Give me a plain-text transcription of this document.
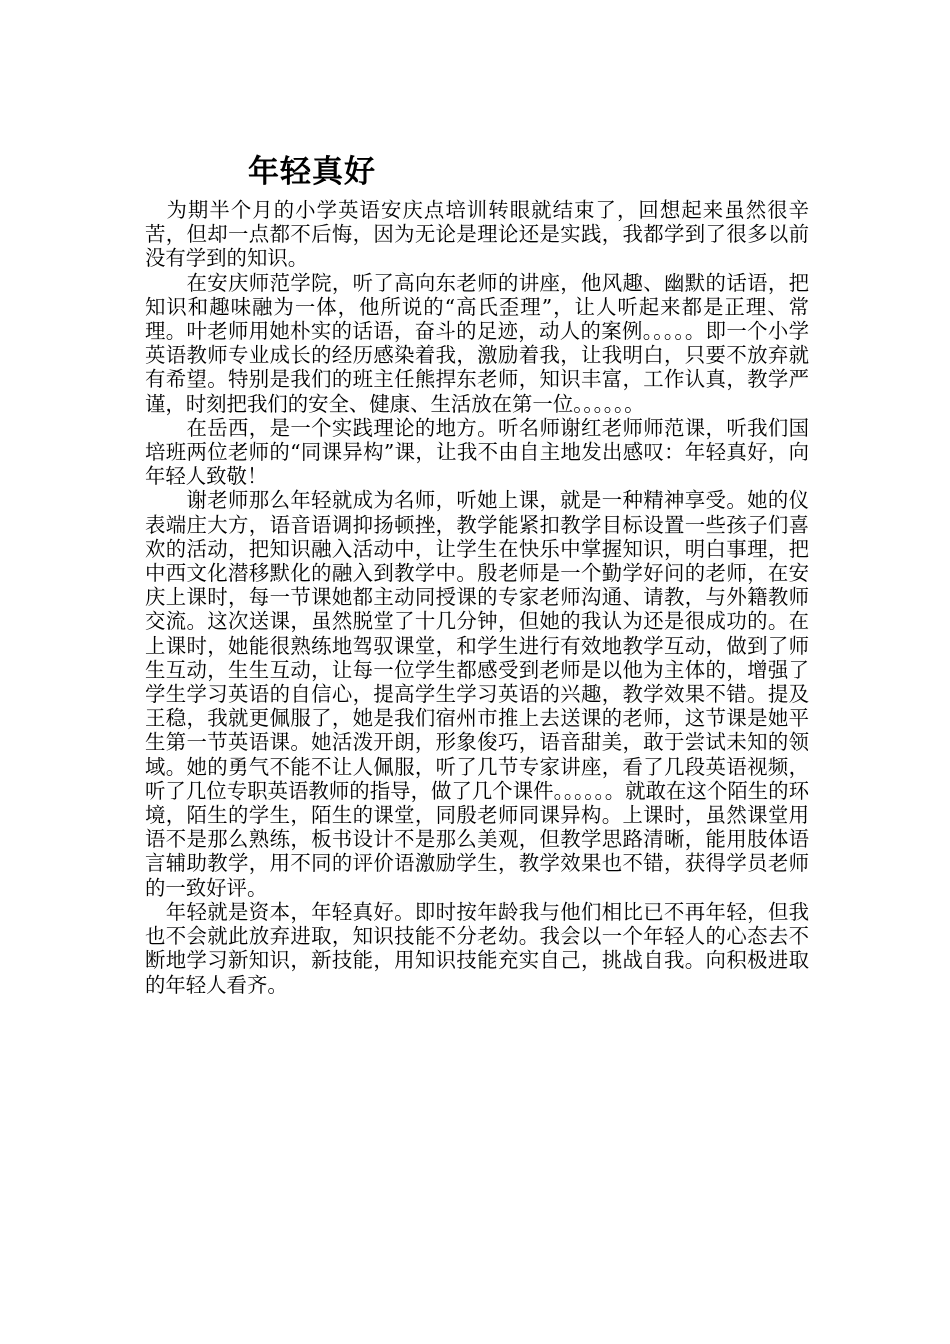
年轻真好

　为期半个月的小学英语安庆点培训转眼就结束了，回想起来虽然很辛苦，但却一点都不后悔，因为无论是理论还是实践，我都学到了很多以前没有学到的知识。

　　在安庆师范学院，听了高向东老师的讲座，他风趣、幽默的话语，把知识和趣味融为一体，他所说的“高氏歪理”，让人听起来都是正理、常理。叶老师用她朴实的话语，奋斗的足迹，动人的案例。。。。。即一个小学英语教师专业成长的经历感染着我，激励着我，让我明白，只要不放弃就有希望。特别是我们的班主任熊捍东老师，知识丰富，工作认真，教学严谨，时刻把我们的安全、健康、生活放在第一位。。。。。。

　　在岳西，是一个实践理论的地方。听名师谢红老师师范课，听我们国培班两位老师的“同课异构”课，让我不由自主地发出感叹：年轻真好，向年轻人致敬！

　　谢老师那么年轻就成为名师，听她上课，就是一种精神享受。她的仪表端庄大方，语音语调抑扬顿挫，教学能紧扣教学目标设置一些孩子们喜欢的活动，把知识融入活动中，让学生在快乐中掌握知识，明白事理，把中西文化潜移默化的融入到教学中。殷老师是一个勤学好问的老师，在安庆上课时，每一节课她都主动同授课的专家老师沟通、请教，与外籍教师交流。这次送课，虽然脱堂了十几分钟，但她的我认为还是很成功的。在上课时，她能很熟练地驾驭课堂，和学生进行有效地教学互动，做到了师生互动，生生互动，让每一位学生都感受到老师是以他为主体的，增强了学生学习英语的自信心，提高学生学习英语的兴趣，教学效果不错。提及王稳，我就更佩服了，她是我们宿州市推上去送课的老师，这节课是她平生第一节英语课。她活泼开朗，形象俊巧，语音甜美，敢于尝试未知的领域。她的勇气不能不让人佩服，听了几节专家讲座，看了几段英语视频，听了几位专职英语教师的指导，做了几个课件。。。。。。就敢在这个陌生的环境，陌生的学生，陌生的课堂，同殷老师同课异构。上课时，虽然课堂用语不是那么熟练，板书设计不是那么美观，但教学思路清晰，能用肢体语言辅助教学，用不同的评价语激励学生，教学效果也不错，获得学员老师的一致好评。

　年轻就是资本，年轻真好。即时按年龄我与他们相比已不再年轻，但我也不会就此放弃进取，知识技能不分老幼。我会以一个年轻人的心态去不断地学习新知识，新技能，用知识技能充实自己，挑战自我。向积极进取的年轻人看齐。
